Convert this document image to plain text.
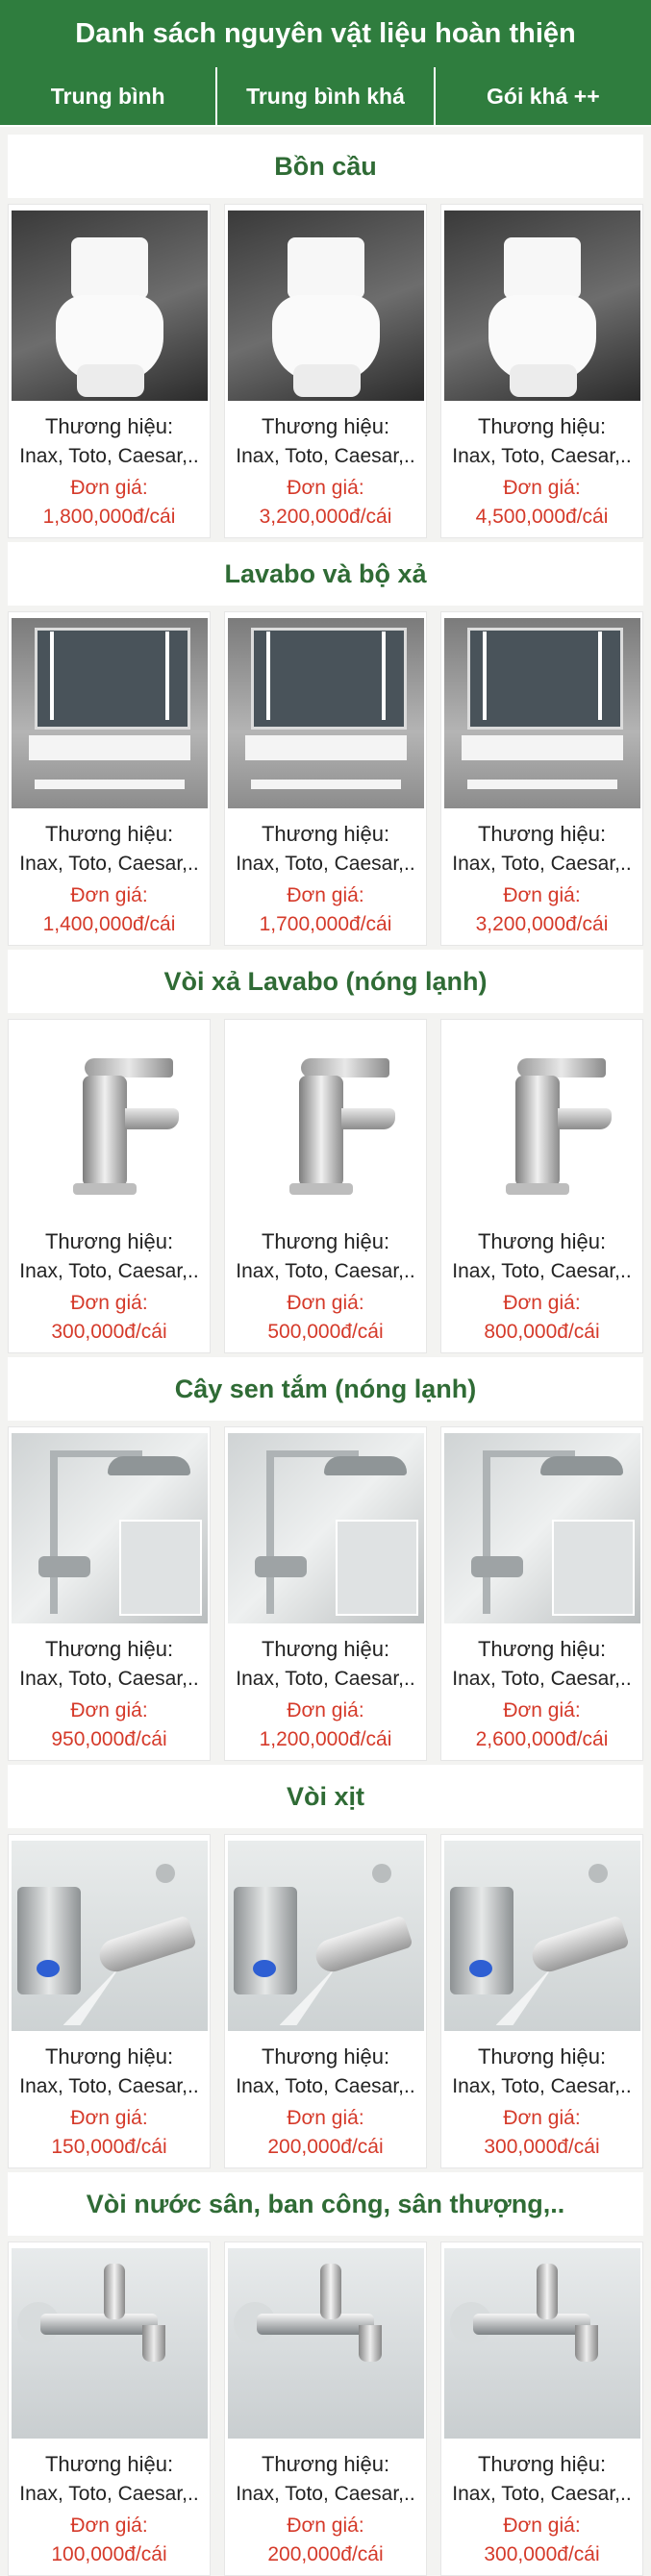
Danh sách nguyên vật liệu hoàn thiện
Trung bình	Trung bình khá	Gói khá ++
Bồn cầu
Thương hiệu:
Inax, Toto, Caesar,..
Đơn giá:
1,800,000đ/cái
Thương hiệu:
Inax, Toto, Caesar,..
Đơn giá:
3,200,000đ/cái
Thương hiệu:
Inax, Toto, Caesar,..
Đơn giá:
4,500,000đ/cái
Lavabo và bộ xả
Thương hiệu:
Inax, Toto, Caesar,..
Đơn giá:
1,400,000đ/cái
Thương hiệu:
Inax, Toto, Caesar,..
Đơn giá:
1,700,000đ/cái
Thương hiệu:
Inax, Toto, Caesar,..
Đơn giá:
3,200,000đ/cái
Vòi xả Lavabo (nóng lạnh)
Thương hiệu:
Inax, Toto, Caesar,..
Đơn giá:
300,000đ/cái
Thương hiệu:
Inax, Toto, Caesar,..
Đơn giá:
500,000đ/cái
Thương hiệu:
Inax, Toto, Caesar,..
Đơn giá:
800,000đ/cái
Cây sen tắm (nóng lạnh)
Thương hiệu:
Inax, Toto, Caesar,..
Đơn giá:
950,000đ/cái
Thương hiệu:
Inax, Toto, Caesar,..
Đơn giá:
1,200,000đ/cái
Thương hiệu:
Inax, Toto, Caesar,..
Đơn giá:
2,600,000đ/cái
Vòi xịt
Thương hiệu:
Inax, Toto, Caesar,..
Đơn giá:
150,000đ/cái
Thương hiệu:
Inax, Toto, Caesar,..
Đơn giá:
200,000đ/cái
Thương hiệu:
Inax, Toto, Caesar,..
Đơn giá:
300,000đ/cái
Vòi nước sân, ban công, sân thượng,..
Thương hiệu:
Inax, Toto, Caesar,..
Đơn giá:
100,000đ/cái
Thương hiệu:
Inax, Toto, Caesar,..
Đơn giá:
200,000đ/cái
Thương hiệu:
Inax, Toto, Caesar,..
Đơn giá:
300,000đ/cái
